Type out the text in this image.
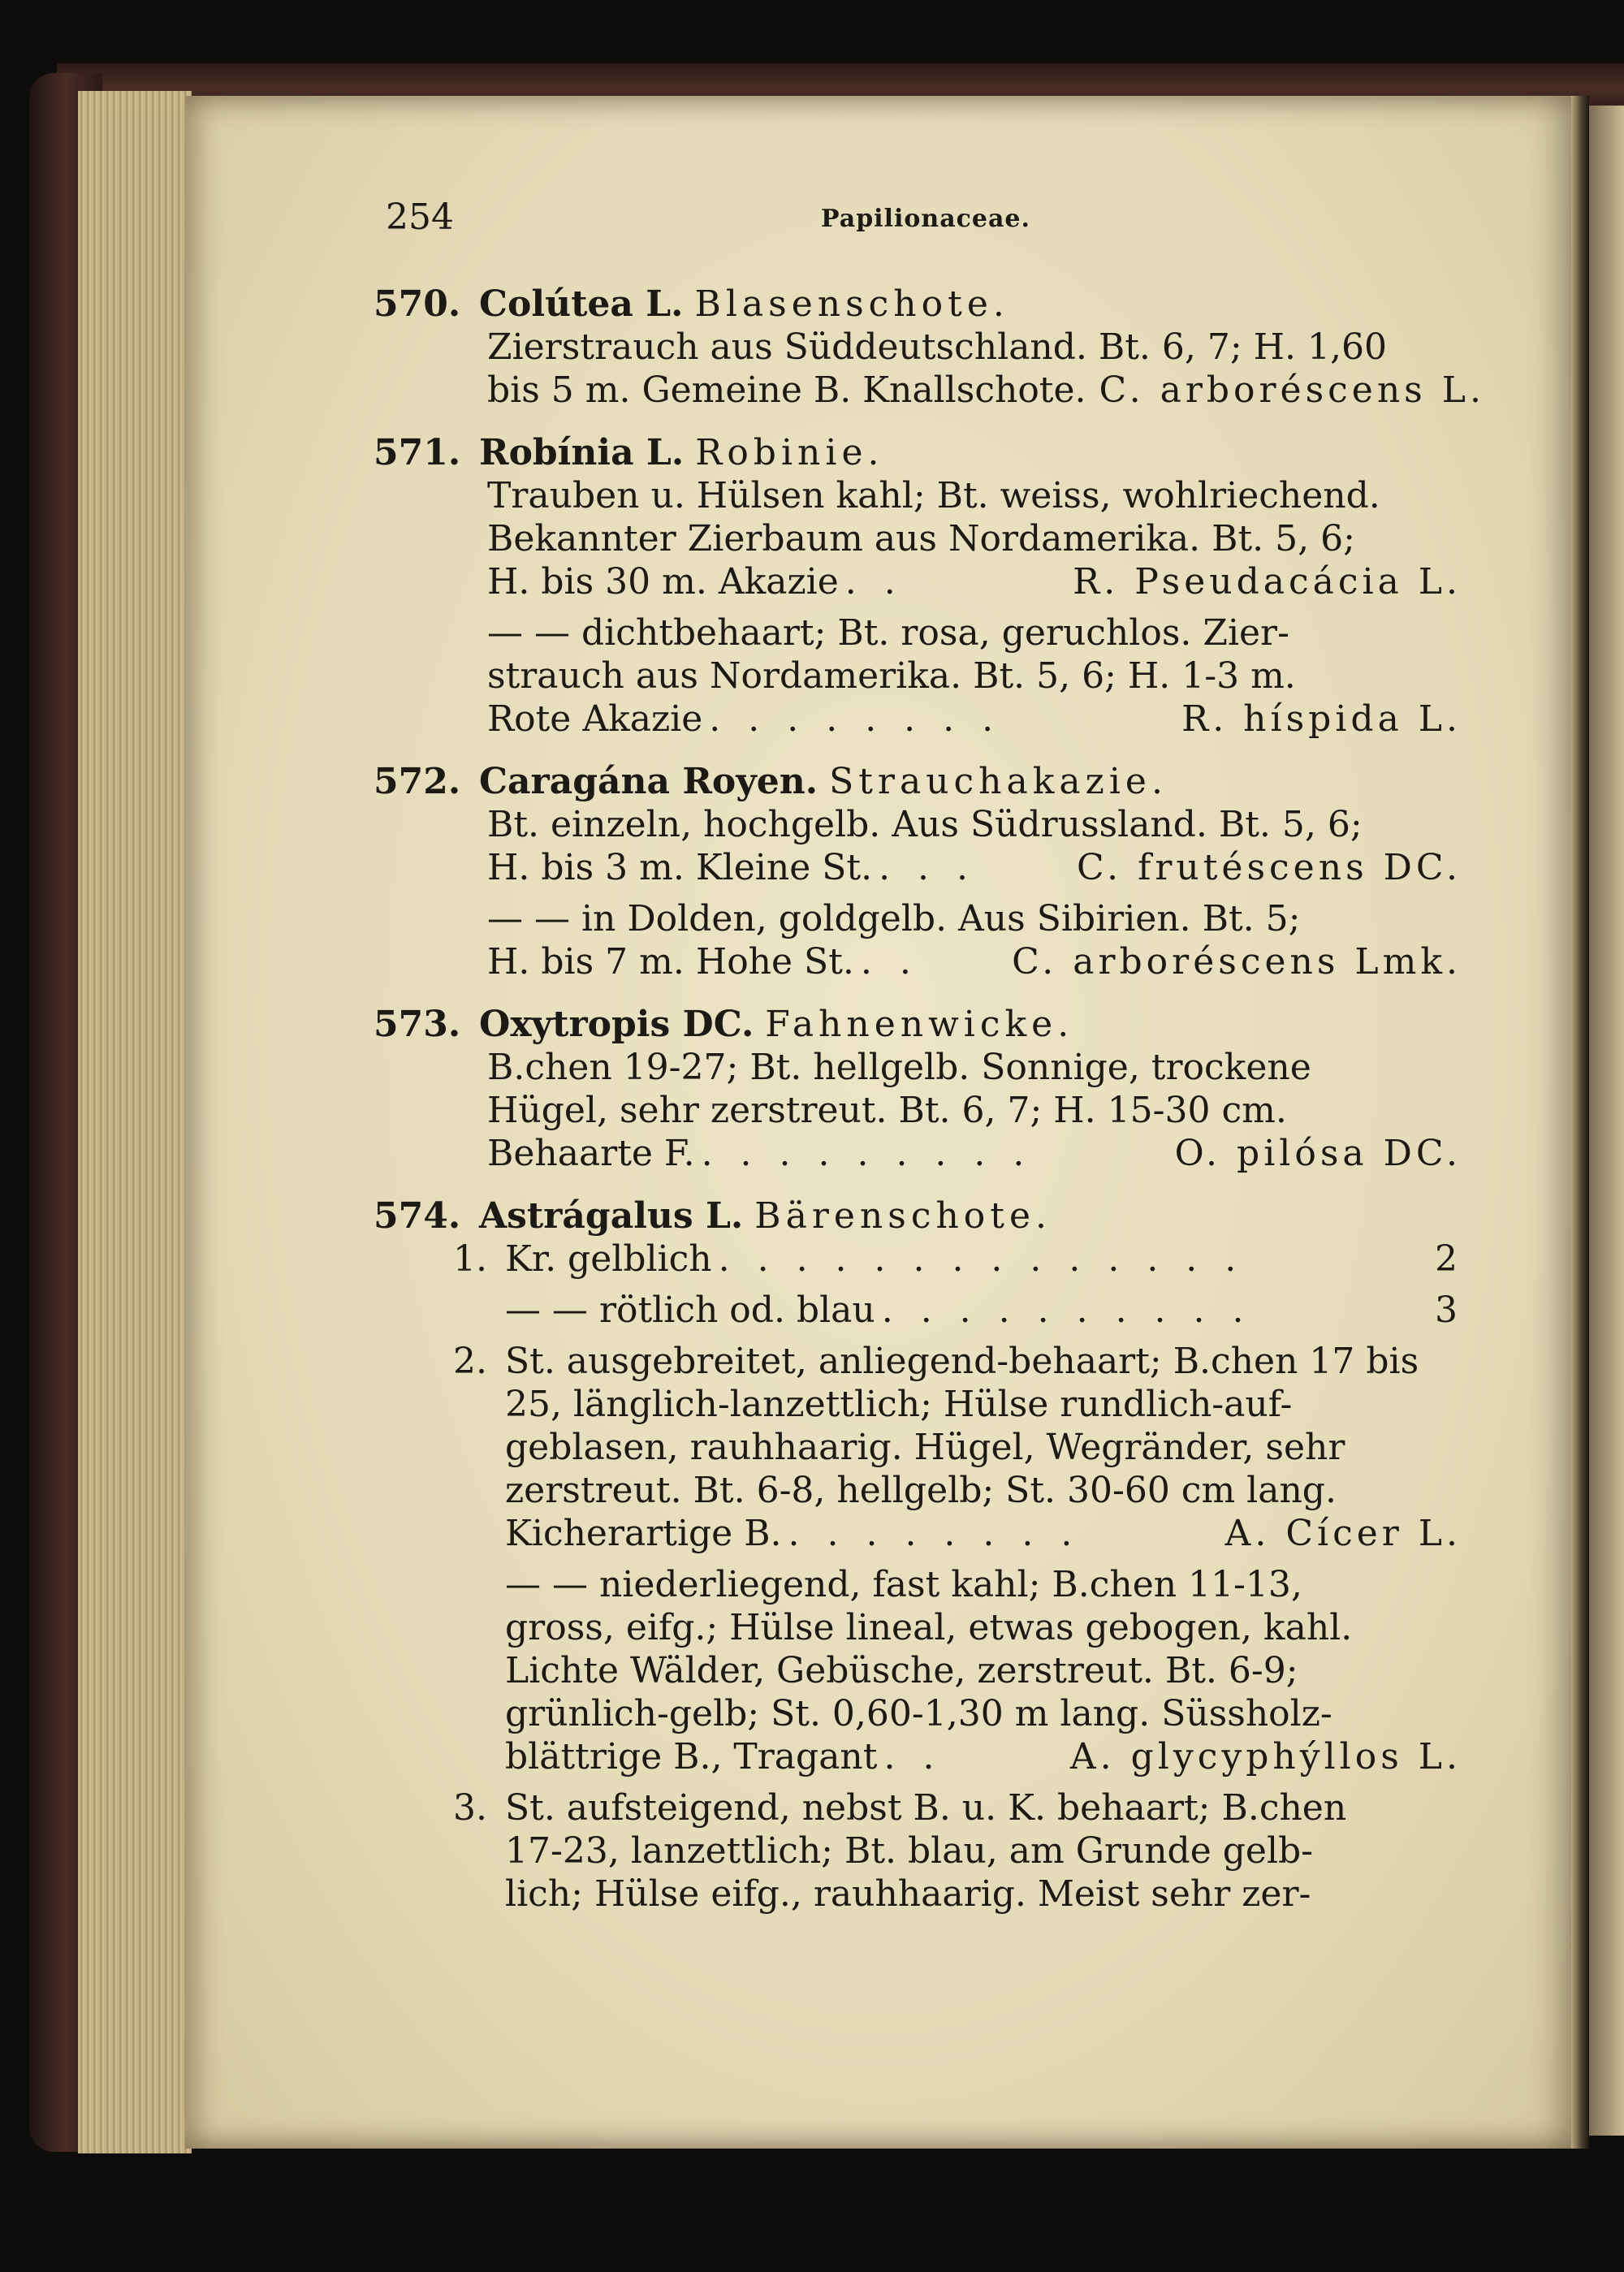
254	Papilionaceae.
570. Colútea L. Blasenschote.
Zierstrauch aus Süddeutschland. Bt. 6, 7; H. 1,60
bis 5 m. Gemeine B. Knallschote. C. arboréscens L.
571. Robínia L. Robinie.
Trauben u. Hülsen kahl; Bt. weiss, wohlriechend.
Bekannter Zierbaum aus Nordamerika. Bt. 5, 6;
H. bis 30 m. Akazie . .	R. Pseudacácia L.
— — dichtbehaart; Bt. rosa, geruchlos. Zier-
strauch aus Nordamerika. Bt. 5, 6; H. 1-3 m.
Rote Akazie . . . . . . . .	R. híspida L.
572. Caragána Royen. Strauchakazie.
Bt. einzeln, hochgelb. Aus Südrussland. Bt. 5, 6;
H. bis 3 m. Kleine St. . . .	C. frutéscens DC.
— — in Dolden, goldgelb. Aus Sibirien. Bt. 5;
H. bis 7 m. Hohe St. . .	C. arboréscens Lmk.
573. Oxytropis DC. Fahnenwicke.
B.chen 19-27; Bt. hellgelb. Sonnige, trockene
Hügel, sehr zerstreut. Bt. 6, 7; H. 15-30 cm.
Behaarte F. . . . . . . . . .	O. pilósa DC.
574. Astrágalus L. Bärenschote.
1. Kr. gelblich . . . . . . . . . . . . . .	2
— — rötlich od. blau . . . . . . . . . .	3
2. St. ausgebreitet, anliegend-behaart; B.chen 17 bis
25, länglich-lanzettlich; Hülse rundlich-auf-
geblasen, rauhhaarig. Hügel, Wegränder, sehr
zerstreut. Bt. 6-8, hellgelb; St. 30-60 cm lang.
Kicherartige B. . . . . . . . .	A. Cícer L.
— — niederliegend, fast kahl; B.chen 11-13,
gross, eifg.; Hülse lineal, etwas gebogen, kahl.
Lichte Wälder, Gebüsche, zerstreut. Bt. 6-9;
grünlich-gelb; St. 0,60-1,30 m lang. Süssholz-
blättrige B., Tragant . .	A. glycyphýllos L.
3. St. aufsteigend, nebst B. u. K. behaart; B.chen
17-23, lanzettlich; Bt. blau, am Grunde gelb-
lich; Hülse eifg., rauhhaarig. Meist sehr zer-
